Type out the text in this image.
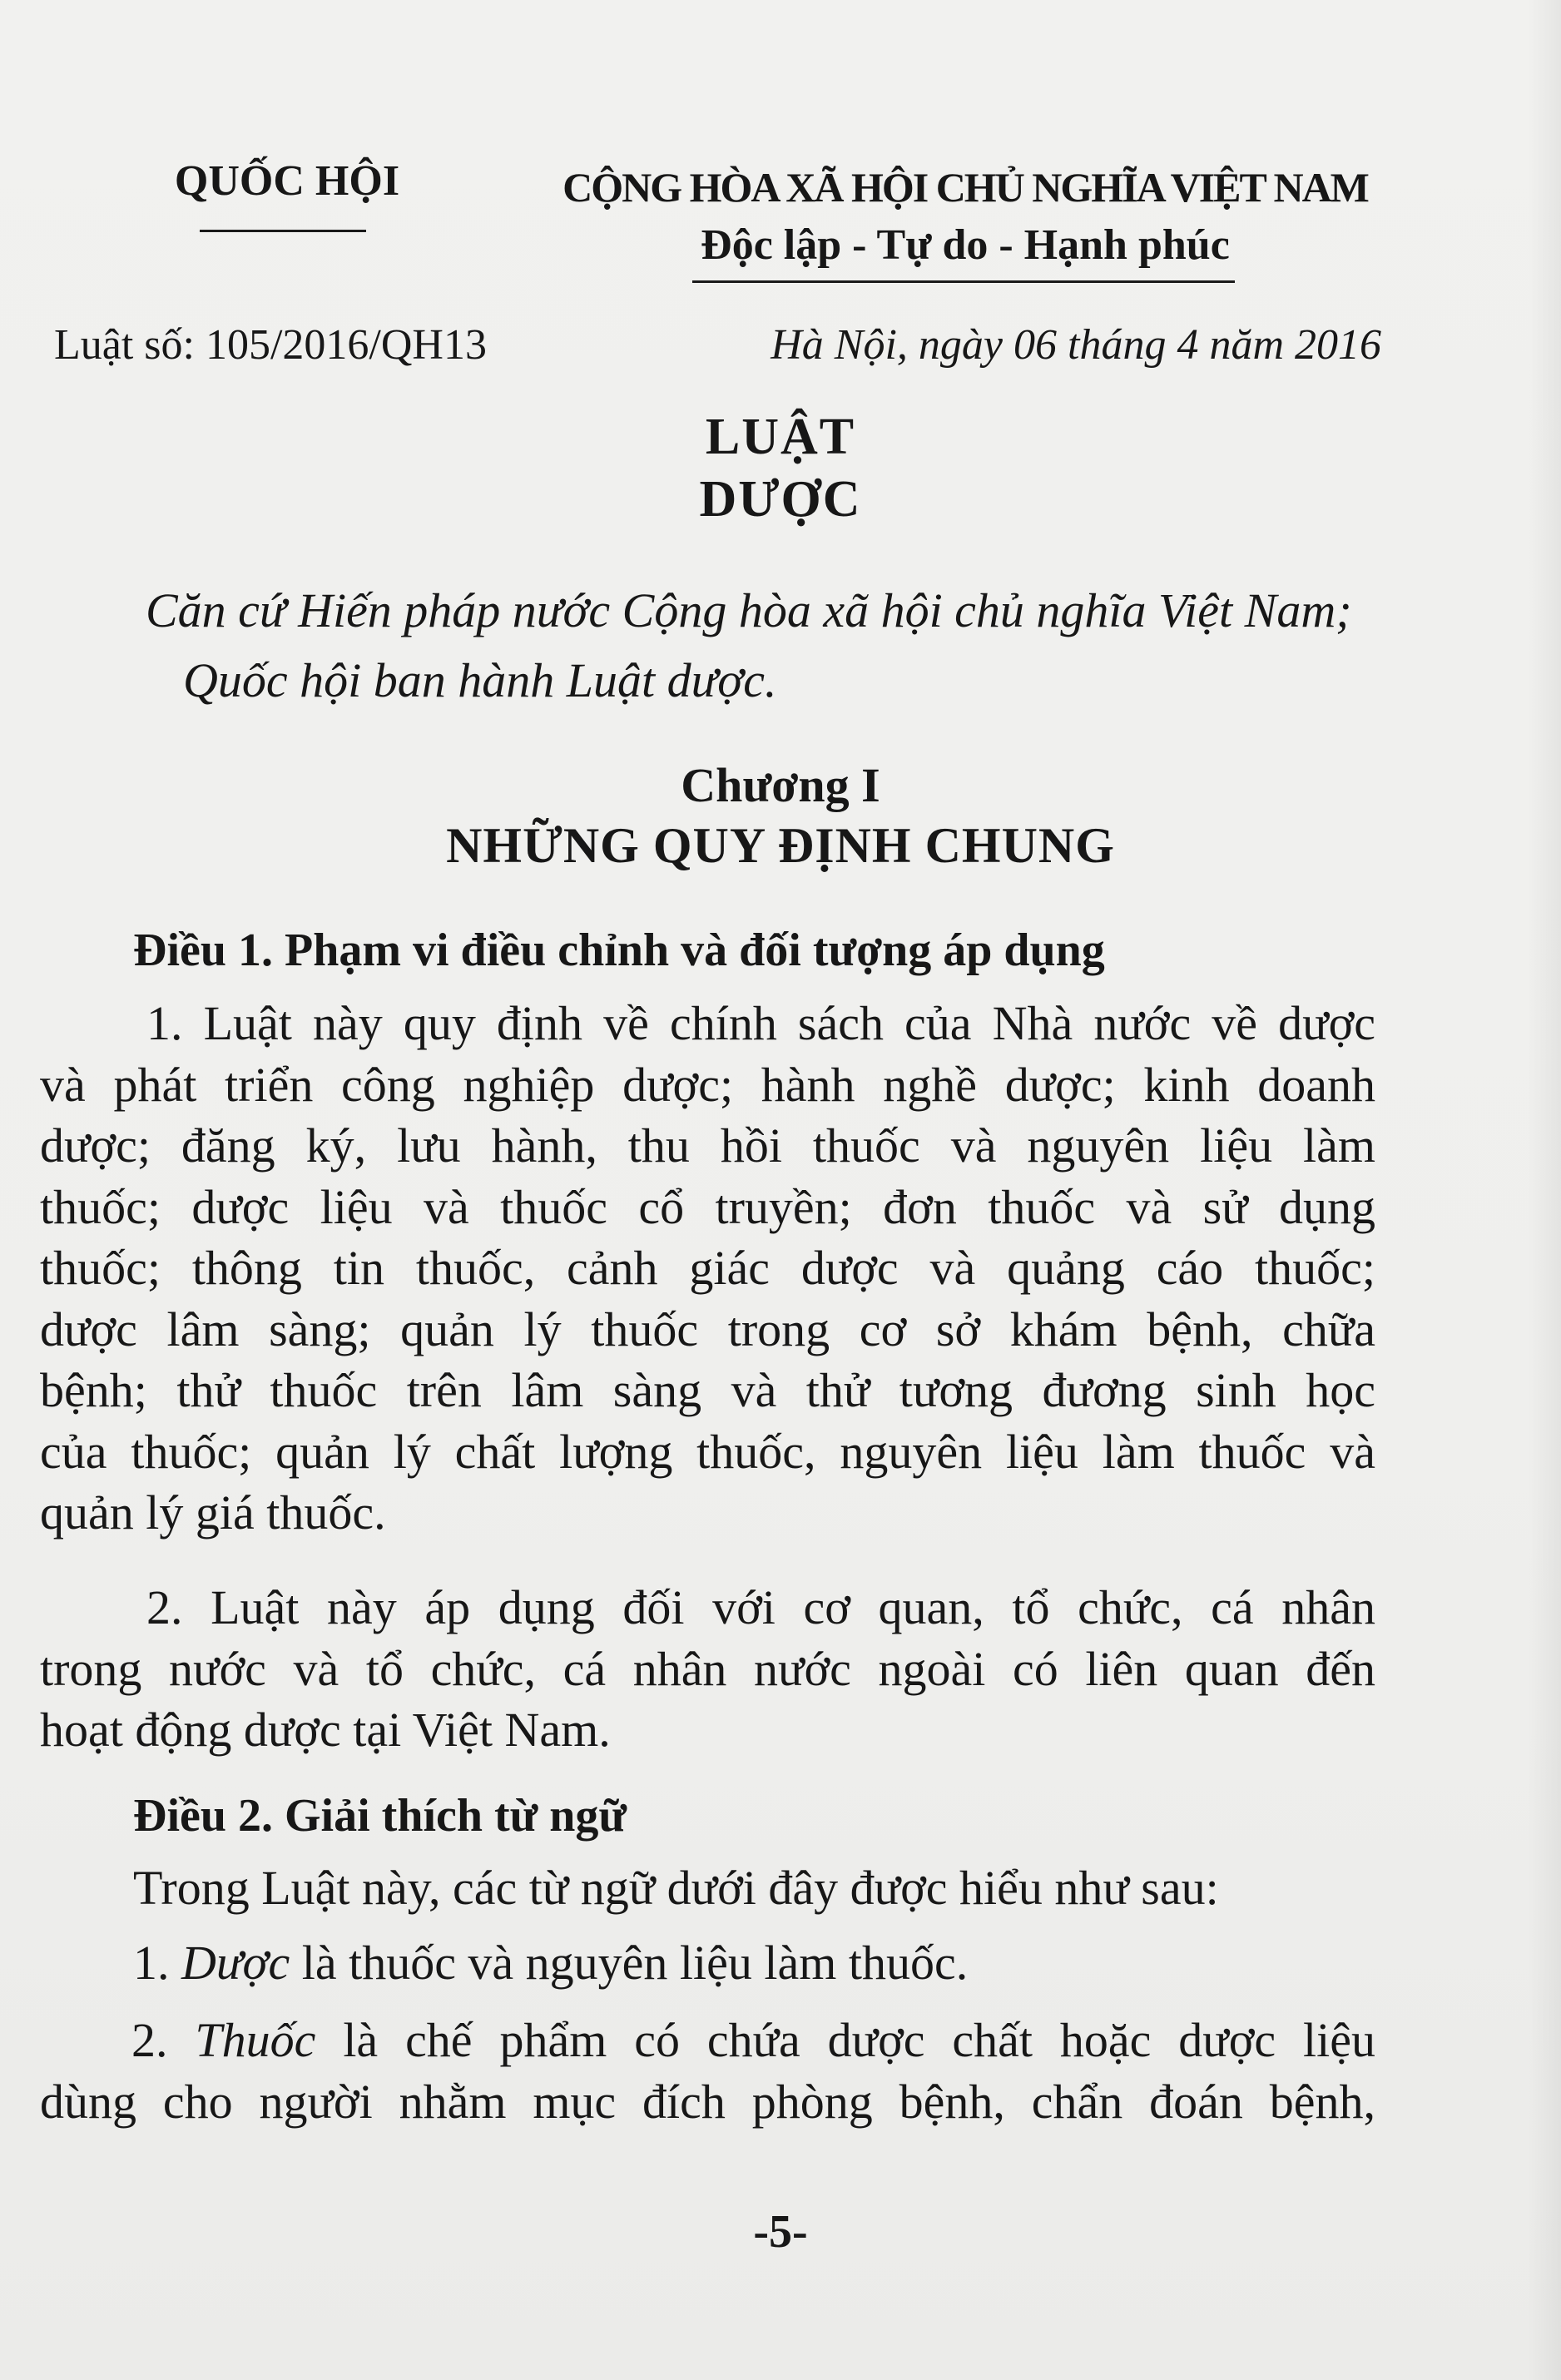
QUỐC HỘI	CỘNG HÒA XÃ HỘI CHỦ NGHĨA VIỆT NAM
Độc lập - Tự do - Hạnh phúc
Luật số: 105/2016/QH13	Hà Nội, ngày 06 tháng 4 năm 2016
LUẬT
DƯỢC
Căn cứ Hiến pháp nước Cộng hòa xã hội chủ nghĩa Việt Nam;
Quốc hội ban hành Luật dược.
Chương I
NHỮNG QUY ĐỊNH CHUNG
Điều 1. Phạm vi điều chỉnh và đối tượng áp dụng
1. Luật này quy định về chính sách của Nhà nước về dược
và phát triển công nghiệp dược; hành nghề dược; kinh doanh
dược; đăng ký, lưu hành, thu hồi thuốc và nguyên liệu làm
thuốc; dược liệu và thuốc cổ truyền; đơn thuốc và sử dụng
thuốc; thông tin thuốc, cảnh giác dược và quảng cáo thuốc;
dược lâm sàng; quản lý thuốc trong cơ sở khám bệnh, chữa
bệnh; thử thuốc trên lâm sàng và thử tương đương sinh học
của thuốc; quản lý chất lượng thuốc, nguyên liệu làm thuốc và
quản lý giá thuốc.
2. Luật này áp dụng đối với cơ quan, tổ chức, cá nhân
trong nước và tổ chức, cá nhân nước ngoài có liên quan đến
hoạt động dược tại Việt Nam.
Điều 2. Giải thích từ ngữ
Trong Luật này, các từ ngữ dưới đây được hiểu như sau:
1. Dược là thuốc và nguyên liệu làm thuốc.
2. Thuốc là chế phẩm có chứa dược chất hoặc dược liệu
dùng cho người nhằm mục đích phòng bệnh, chẩn đoán bệnh,
-5-
